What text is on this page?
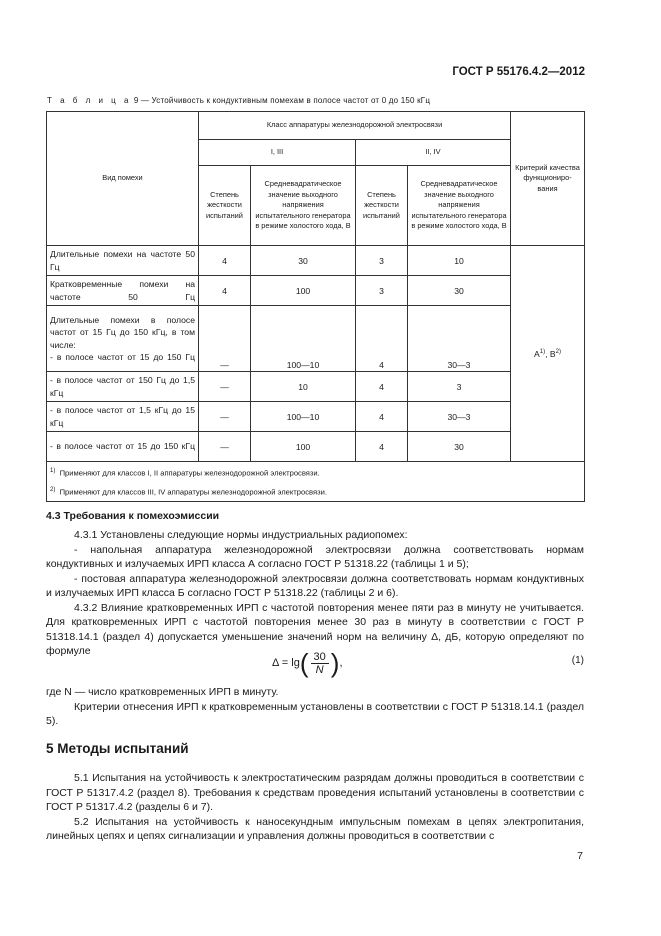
ГОСТ Р 55176.4.2—2012
Т а б л и ц а 9 — Устойчивость к кондуктивным помехам в полосе частот от 0 до 150 кГц
Вид помехи	Класс аппаратуры железнодорожной электросвязи				Критерий качества функциониро-вания
	I, III		II, IV		
	Степень жесткости испытаний	Средневадратическое значение выходного напряжения испытательного генератора в режиме холостого хода, В	Степень жесткости испытаний	Средневадратическое значение выходного напряжения испытательного генератора в режиме холостого хода, В	
Длительные помехи на частоте 50 Гц	4	30	3	10	$А^{1)}$, $В^{2)}$
Кратковременные помехи на частоте 50 Гц	4	100	3	30	

Длительные помехи в полосе частот от 15 Гц до 150 кГц, в том числе:
- в полосе частот от 15 до 150 Гц	—	100—10	4	30—3	
- в полосе частот от 150 Гц до 1,5 кГц	—	10	4	3	
- в полосе частот от 1,5 кГц до 15 кГц	—	100—10	4	30—3	
- в полосе частот от 15 до 150 кГц	—	100	4	30	

$^{1)}$ Применяют для классов I, II аппаратуры железнодорожной электросвязи.
$^{2)}$ Применяют для классов III, IV аппаратуры железнодорожной электросвязи.					
4.3 Требования к помехоэмиссии
4.3.1 Установлены следующие нормы индустриальных радиопомех:
- напольная аппаратура железнодорожной электросвязи должна соответствовать нормам кондуктивных и излучаемых ИРП класса А согласно ГОСТ Р 51318.22 (таблицы 1 и 5);
- постовая аппаратура железнодорожной электросвязи должна соответствовать нормам кондуктивных и излучаемых ИРП класса Б согласно ГОСТ Р 51318.22 (таблицы 2 и 6).
4.3.2 Влияние кратковременных ИРП с частотой повторения менее пяти раз в минуту не учитывается. Для кратковременных ИРП с частотой повторения менее 30 раз в минуту в соответствии с ГОСТ Р 51318.14.1 (раздел 4) допускается уменьшение значений норм на величину Δ, дБ, которую определяют по формуле
Δ = lg ( $\frac{30}{N}$ ) ,	(1)
где N — число кратковременных ИРП в минуту.
Критерии отнесения ИРП к кратковременным установлены в соответствии с ГОСТ Р 51318.14.1 (раздел 5).
5 Методы испытаний
5.1 Испытания на устойчивость к электростатическим разрядам должны проводиться в соответствии с ГОСТ Р 51317.4.2 (раздел 8). Требования к средствам проведения испытаний установлены в соответствии с ГОСТ Р 51317.4.2 (разделы 6 и 7).
5.2 Испытания на устойчивость к наносекундным импульсным помехам в цепях электропитания, линейных цепях и цепях сигнализации и управления должны проводиться в соответствии с
7
